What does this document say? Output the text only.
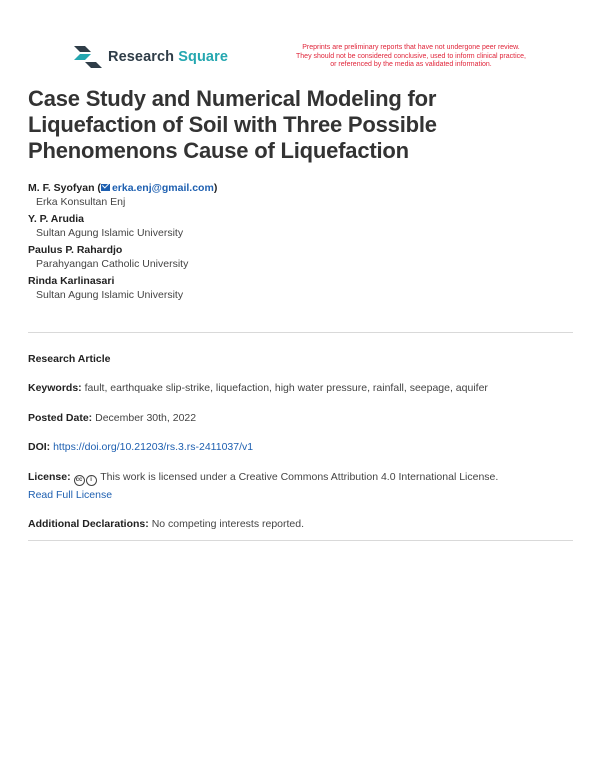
Research Square
Preprints are preliminary reports that have not undergone peer review.
They should not be considered conclusive, used to inform clinical practice,
or referenced by the media as validated information.
Case Study and Numerical Modeling for
Liquefaction of Soil with Three Possible
Phenomenons Cause of Liquefaction
M. F. Syofyan ( erka.enj@gmail.com)
Erka Konsultan Enj
Y. P. Arudia
Sultan Agung Islamic University
Paulus P. Rahardjo
Parahyangan Catholic University
Rinda Karlinasari
Sultan Agung Islamic University
Research Article
Keywords: fault, earthquake slip-strike, liquefaction, high water pressure, rainfall, seepage, aquifer
Posted Date: December 30th, 2022
DOI: https://doi.org/10.21203/rs.3.rs-2411037/v1
License: cc i This work is licensed under a Creative Commons Attribution 4.0 International License.
Read Full License
Additional Declarations: No competing interests reported.
